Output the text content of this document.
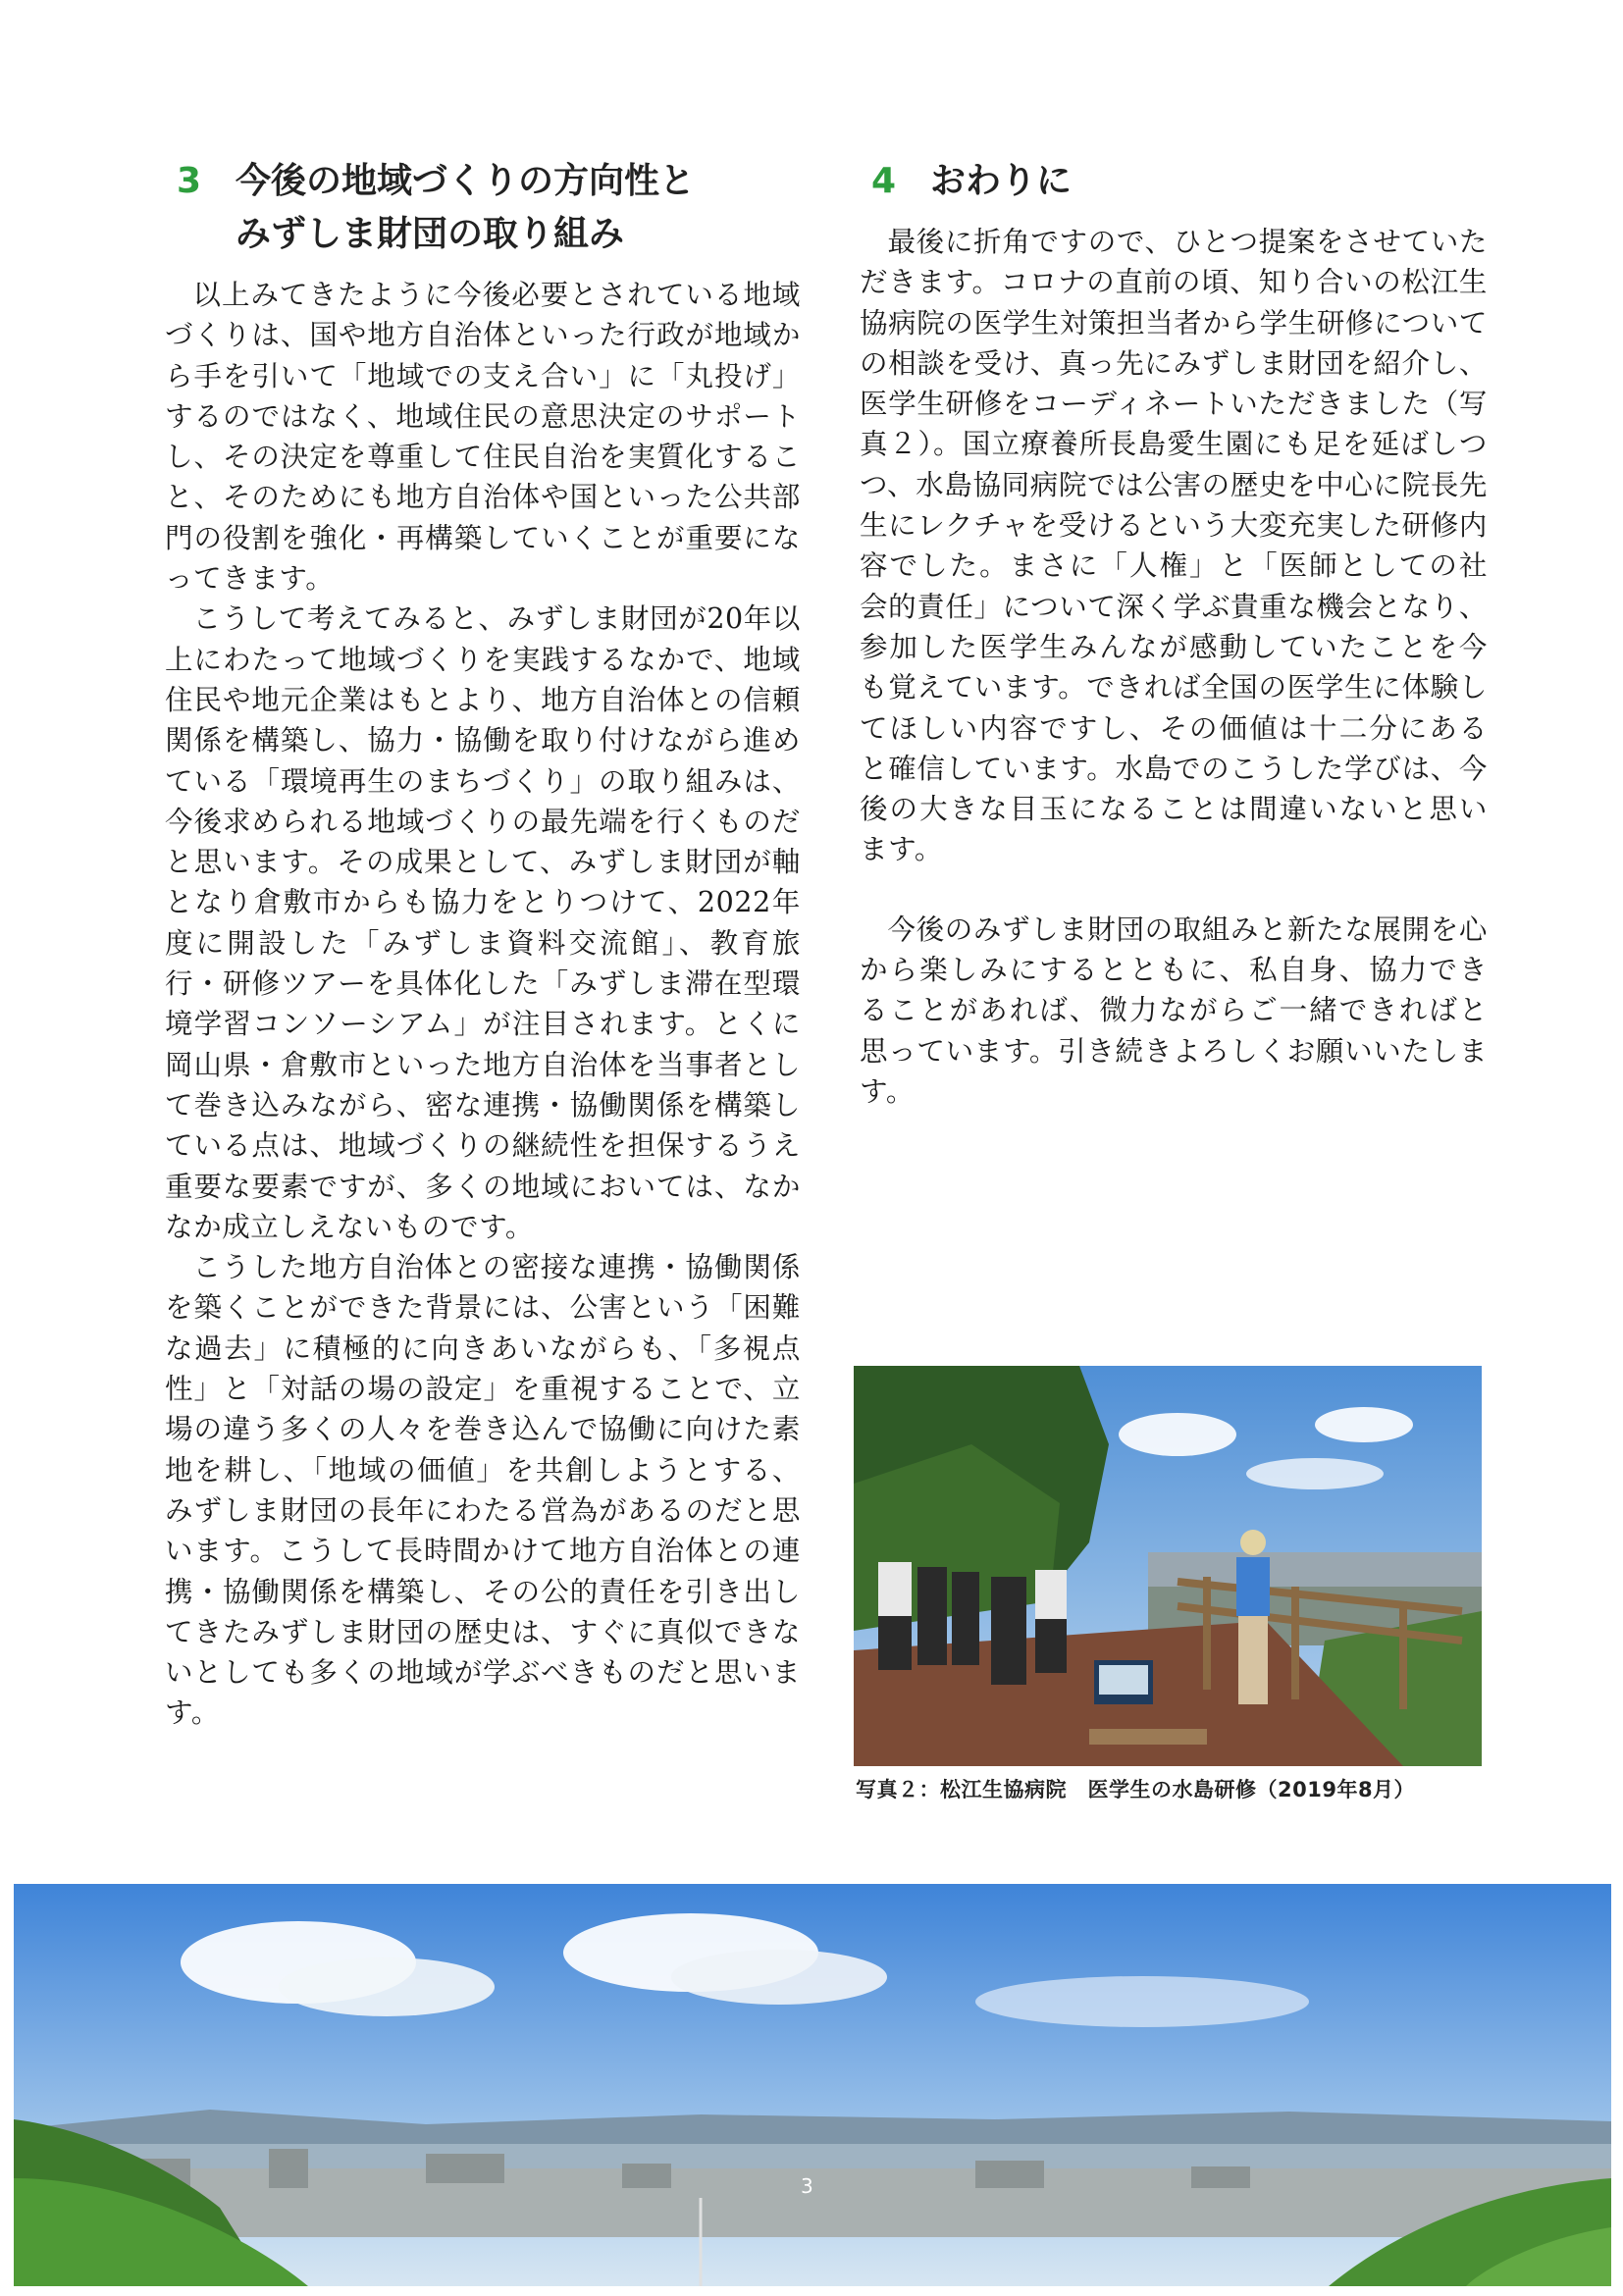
3 今後の地域づくりの方向性と
みずしま財団の取り組み

以上みてきたように今後必要とされている地域づくりは、国や地方自治体といった行政が地域から手を引いて「地域での支え合い」に「丸投げ」するのではなく、地域住民の意思決定のサポートし、その決定を尊重して住民自治を実質化すること、そのためにも地方自治体や国といった公共部門の役割を強化・再構築していくことが重要になってきます。

こうして考えてみると、みずしま財団が20年以上にわたって地域づくりを実践するなかで、地域住民や地元企業はもとより、地方自治体との信頼関係を構築し、協力・協働を取り付けながら進めている「環境再生のまちづくり」の取り組みは、今後求められる地域づくりの最先端を行くものだと思います。その成果として、みずしま財団が軸となり倉敷市からも協力をとりつけて、2022年度に開設した「みずしま資料交流館」、教育旅行・研修ツアーを具体化した「みずしま滞在型環境学習コンソーシアム」が注目されます。とくに岡山県・倉敷市といった地方自治体を当事者として巻き込みながら、密な連携・協働関係を構築している点は、地域づくりの継続性を担保するうえ重要な要素ですが、多くの地域においては、なかなか成立しえないものです。

こうした地方自治体との密接な連携・協働関係を築くことができた背景には、公害という「困難な過去」に積極的に向きあいながらも、「多視点性」と「対話の場の設定」を重視することで、立場の違う多くの人々を巻き込んで協働に向けた素地を耕し、「地域の価値」を共創しようとする、みずしま財団の長年にわたる営為があるのだと思います。こうして長時間かけて地方自治体との連携・協働関係を構築し、その公的責任を引き出してきたみずしま財団の歴史は、すぐに真似できないとしても多くの地域が学ぶべきものだと思います。

4 おわりに

最後に折角ですので、ひとつ提案をさせていただきます。コロナの直前の頃、知り合いの松江生協病院の医学生対策担当者から学生研修についての相談を受け、真っ先にみずしま財団を紹介し、医学生研修をコーディネートいただきました（写真２）。国立療養所長島愛生園にも足を延ばしつつ、水島協同病院では公害の歴史を中心に院長先生にレクチャを受けるという大変充実した研修内容でした。まさに「人権」と「医師としての社会的責任」について深く学ぶ貴重な機会となり、参加した医学生みんなが感動していたことを今も覚えています。できれば全国の医学生に体験してほしい内容ですし、その価値は十二分にあると確信しています。水島でのこうした学びは、今後の大きな目玉になることは間違いないと思います。

今後のみずしま財団の取組みと新たな展開を心から楽しみにするとともに、私自身、協力できることがあれば、微力ながらご一緒できればと思っています。引き続きよろしくお願いいたします。

写真２：松江生協病院　医学生の水島研修（2019年8月）
3
